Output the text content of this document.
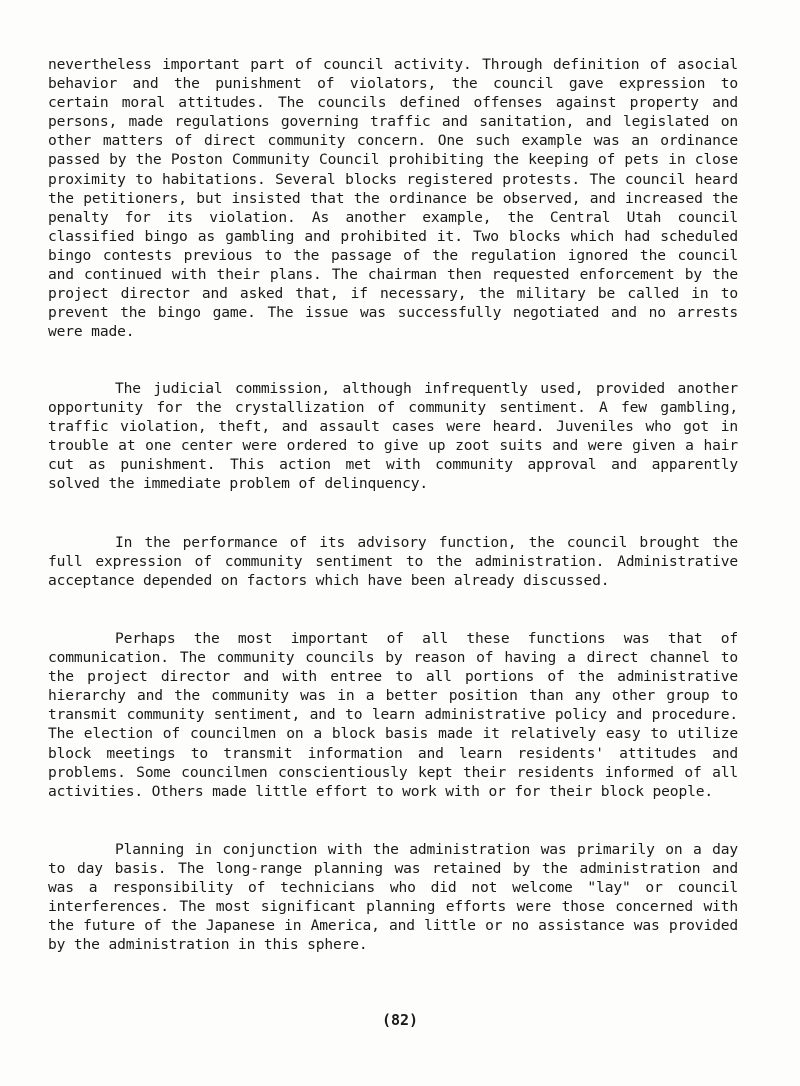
nevertheless important part of council activity. Through definition of asocial behavior and the punishment of violators, the council gave expression to certain moral attitudes. The councils defined offenses against property and persons, made regulations governing traffic and sanitation, and legislated on other matters of direct community concern. One such example was an ordinance passed by the Poston Community Council prohibiting the keeping of pets in close proximity to habitations. Several blocks registered protests. The council heard the petitioners, but insisted that the ordinance be observed, and increased the penalty for its violation. As another example, the Central Utah council classified bingo as gambling and prohibited it. Two blocks which had scheduled bingo contests previous to the passage of the regulation ignored the council and continued with their plans. The chairman then requested enforcement by the project director and asked that, if necessary, the military be called in to prevent the bingo game. The issue was successfully negotiated and no arrests were made.

The judicial commission, although infrequently used, provided another opportunity for the crystallization of community sentiment. A few gambling, traffic violation, theft, and assault cases were heard. Juveniles who got in trouble at one center were ordered to give up zoot suits and were given a hair cut as punishment. This action met with community approval and apparently solved the immediate problem of delinquency.

In the performance of its advisory function, the council brought the full expression of community sentiment to the administration. Administrative acceptance depended on factors which have been already discussed.

Perhaps the most important of all these functions was that of communication. The community councils by reason of having a direct channel to the project director and with entree to all portions of the administrative hierarchy and the community was in a better position than any other group to transmit community sentiment, and to learn administrative policy and procedure. The election of councilmen on a block basis made it relatively easy to utilize block meetings to transmit information and learn residents' attitudes and problems. Some councilmen conscientiously kept their residents informed of all activities. Others made little effort to work with or for their block people.

Planning in conjunction with the administration was primarily on a day to day basis. The long-range planning was retained by the administration and was a responsibility of technicians who did not welcome "lay" or council interferences. The most significant planning efforts were those concerned with the future of the Japanese in America, and little or no assistance was provided by the administration in this sphere.

(82)
